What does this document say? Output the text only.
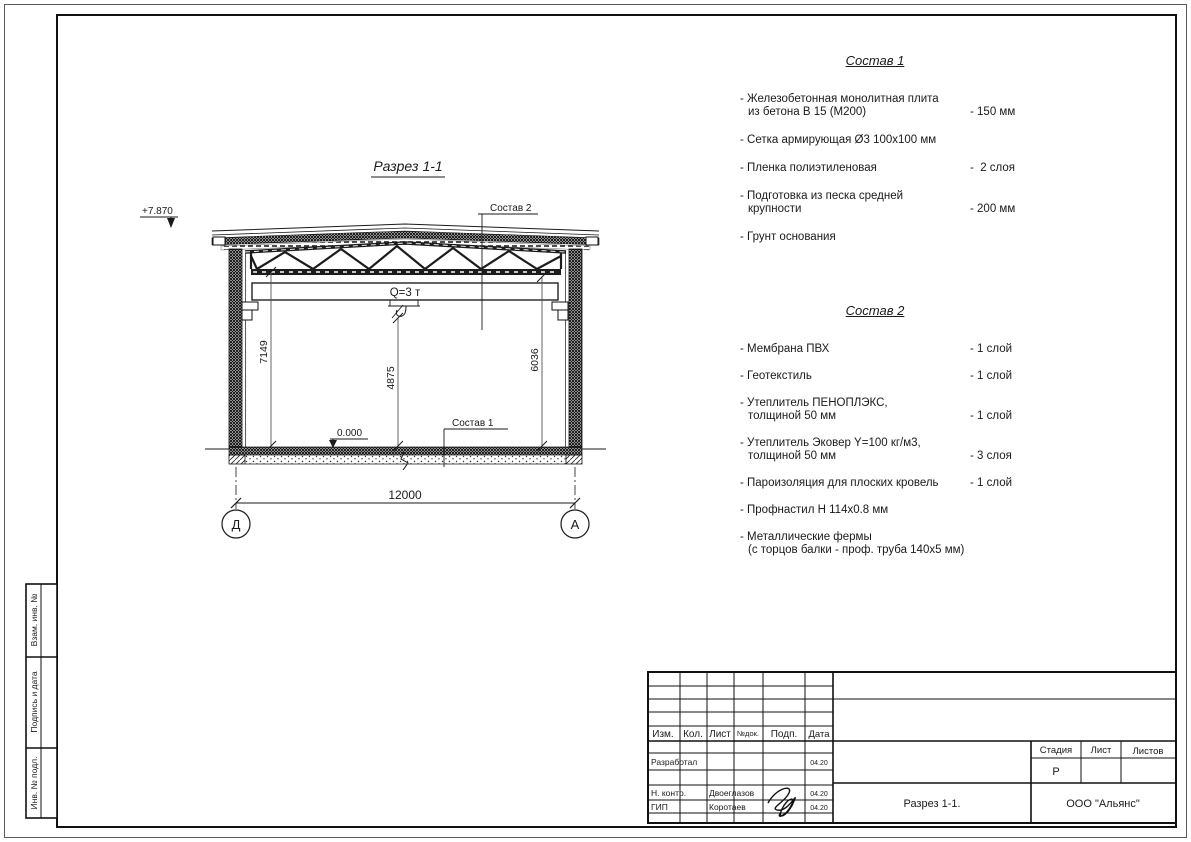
Разрез 1-1
+7.870
Q=3 т
Состав 2
0.000
Состав 1
7149
4875
6036
12000
Д	А
Состав 1
- Железобетонная монолитная плита
из бетона В 15 (М200)	- 150 мм
- Сетка армирующая Ø3 100х100 мм
- Пленка полиэтиленовая	-  2 слоя
- Подготовка из песка средней
крупности	- 200 мм
- Грунт основания
Состав 2
- Мембрана ПВХ	- 1 слой
- Геотекстиль	- 1 слой
- Утеплитель ПЕНОПЛЭКС,
толщиной 50 мм	- 1 слой
- Утеплитель Эковер Y=100 кг/м3,
толщиной 50 мм	- 3 слоя
- Пароизоляция для плоских кровель	- 1 слой
- Профнастил Н 114х0.8 мм
- Металлические фермы
(с торцов балки - проф. труба 140х5 мм)
Взам. инв. №
Подпись и дата
Инв. № подл.
Изм. Кол. Лист №док. Подп. Дата
Разработал	04.20
Н. контр.	Двоеглазов	04.20
ГИП	Коротаев	04.20
Стадия Лист Листов
Р
Разрез 1-1.	ООО "Альянс"
